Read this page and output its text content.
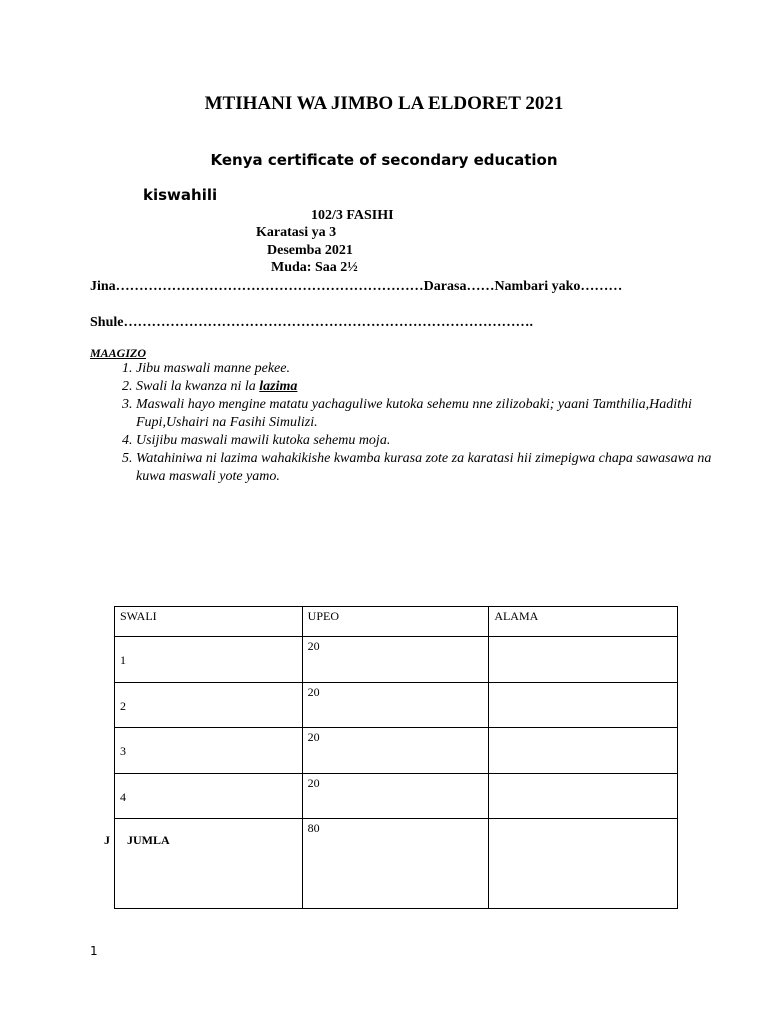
MTIHANI WA JIMBO LA ELDORET 2021
Kenya certificate of secondary education
kiswahili
102/3 FASIHI
Karatasi ya 3
Desemba 2021
Muda: Saa 2½
Jina…………………………………………………………Darasa……Nambari yako………
Shule…………………………………………………………………………….
MAAGIZO
1. Jibu maswali manne pekee.
2. Swali la kwanza ni la lazima
3. Maswali hayo mengine matatu yachaguliwe kutoka sehemu nne zilizobaki; yaani Tamthilia,Hadithi Fupi,Ushairi na Fasihi Simulizi.
4. Usijibu maswali mawili kutoka sehemu moja.
5. Watahiniwa ni lazima wahakikishe kwamba kurasa zote za karatasi hii zimepigwa chapa sawasawa na kuwa maswali yote yamo.
SWALI	UPEO	ALAMA
1	20	
2	20	
3	20	
4	20	
JUMLA	80	
J
1
